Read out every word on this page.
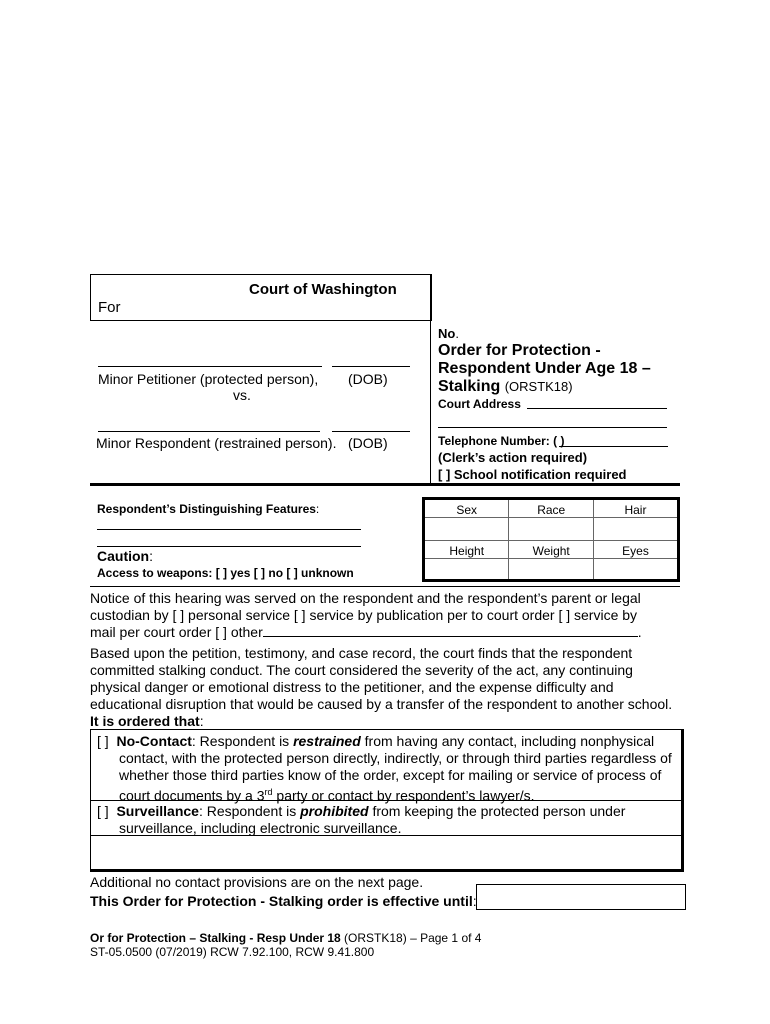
Court of Washington
For
Minor Petitioner (protected person), (DOB)
vs.
Minor Respondent (restrained person). (DOB)
No.
Order for Protection -
Respondent Under Age 18 –
Stalking (ORSTK18)
Court Address
Telephone Number: ( )
(Clerk’s action required)
[ ] School notification required
Respondent’s Distinguishing Features:
Caution:
Access to weapons: [ ] yes [ ] no [ ] unknown
Sex	Race	Hair

Height	Weight	Eyes

Notice of this hearing was served on the respondent and the respondent’s parent or legal
custodian by [ ] personal service [ ] service by publication per to court order [ ] service by
mail per court order [ ] other	.
Based upon the petition, testimony, and case record, the court finds that the respondent
committed stalking conduct. The court considered the severity of the act, any continuing
physical danger or emotional distress to the petitioner, and the expense difficulty and
educational disruption that would be caused by a transfer of the respondent to another school.
It is ordered that:
[ ] No-Contact: Respondent is restrained from having any contact, including nonphysical
contact, with the protected person directly, indirectly, or through third parties regardless of
whether those third parties know of the order, except for mailing or service of process of
court documents by a 3rd party or contact by respondent’s lawyer/s.
[ ] Surveillance: Respondent is prohibited from keeping the protected person under
surveillance, including electronic surveillance.
Additional no contact provisions are on the next page.
This Order for Protection - Stalking order is effective until:
Or for Protection – Stalking - Resp Under 18 (ORSTK18) – Page 1 of 4
ST-05.0500 (07/2019) RCW 7.92.100, RCW 9.41.800
